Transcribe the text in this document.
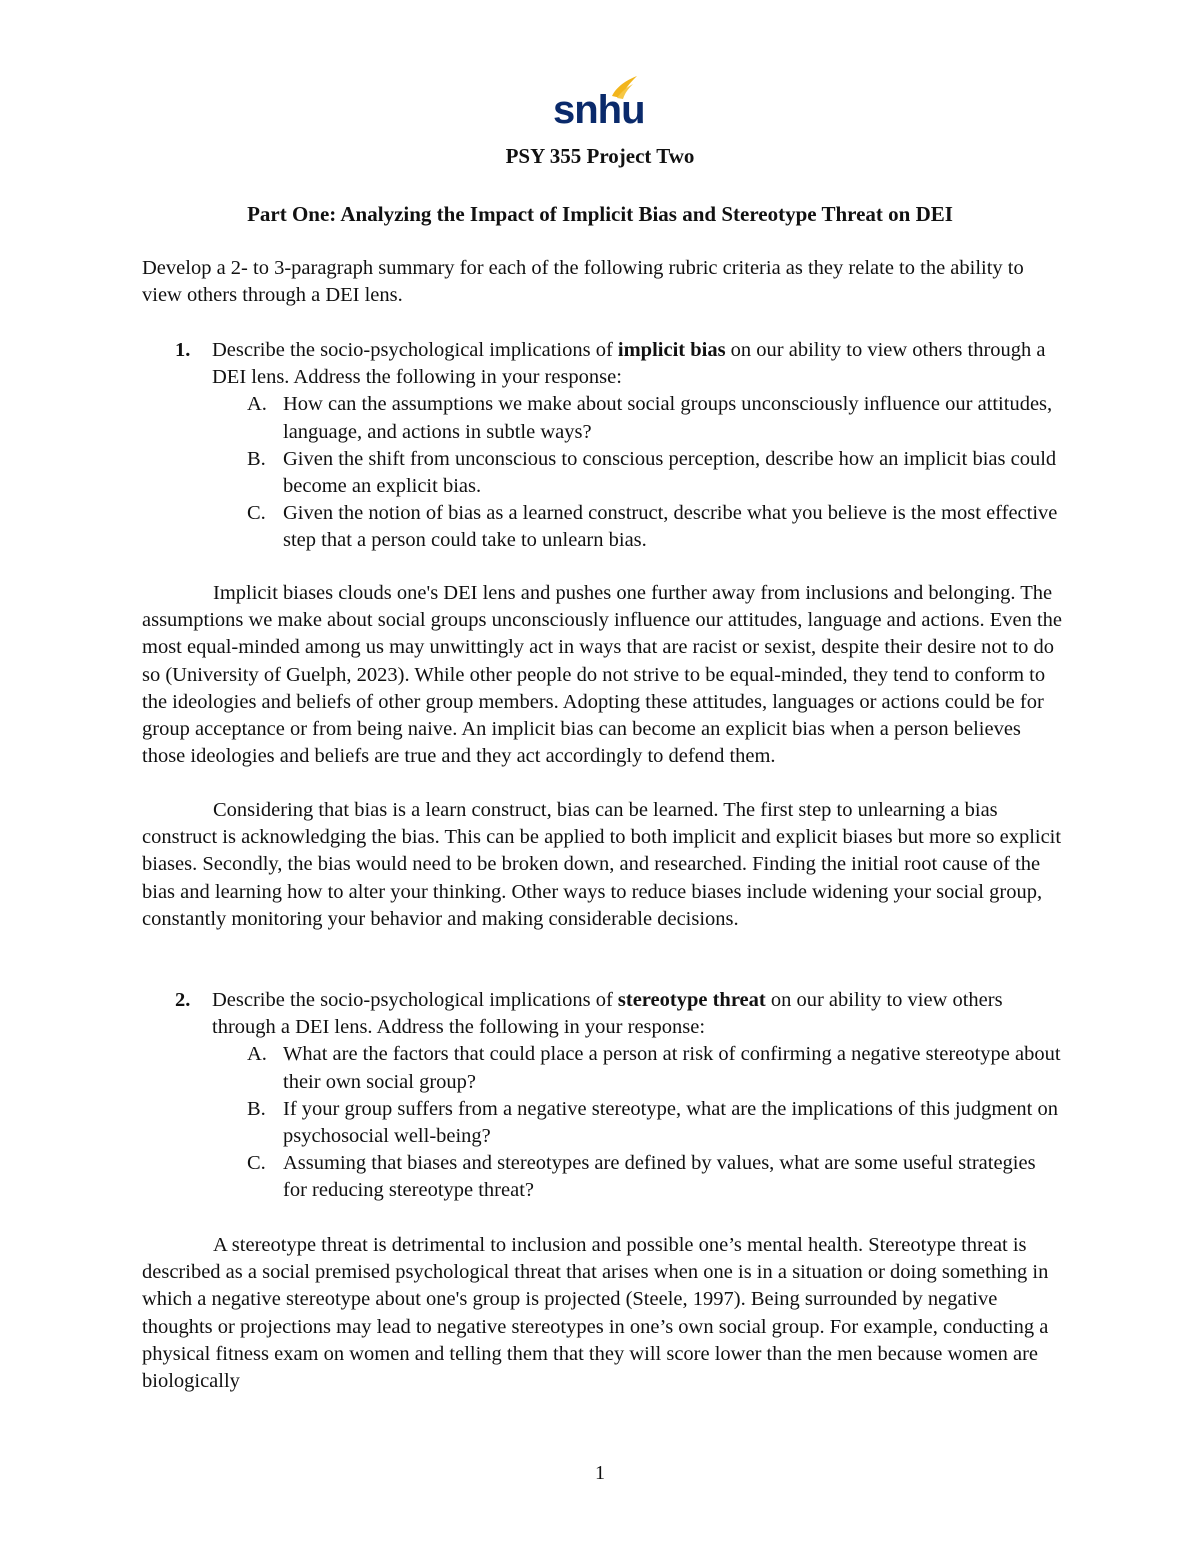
snhu
PSY 355 Project Two
Part One: Analyzing the Impact of Implicit Bias and Stereotype Threat on DEI

Develop a 2- to 3-paragraph summary for each of the following rubric criteria as they relate to the ability to view others through a DEI lens.

1. Describe the socio-psychological implications of implicit bias on our ability to view others through a DEI lens. Address the following in your response:
A. How can the assumptions we make about social groups unconsciously influence our attitudes, language, and actions in subtle ways?
B. Given the shift from unconscious to conscious perception, describe how an implicit bias could become an explicit bias.
C. Given the notion of bias as a learned construct, describe what you believe is the most effective step that a person could take to unlearn bias.

Implicit biases clouds one's DEI lens and pushes one further away from inclusions and belonging. The assumptions we make about social groups unconsciously influence our attitudes, language and actions. Even the most equal-minded among us may unwittingly act in ways that are racist or sexist, despite their desire not to do so (University of Guelph, 2023). While other people do not strive to be equal-minded, they tend to conform to the ideologies and beliefs of other group members. Adopting these attitudes, languages or actions could be for group acceptance or from being naive. An implicit bias can become an explicit bias when a person believes those ideologies and beliefs are true and they act accordingly to defend them.

Considering that bias is a learn construct, bias can be learned. The first step to unlearning a bias construct is acknowledging the bias. This can be applied to both implicit and explicit biases but more so explicit biases. Secondly, the bias would need to be broken down, and researched. Finding the initial root cause of the bias and learning how to alter your thinking. Other ways to reduce biases include widening your social group, constantly monitoring your behavior and making considerable decisions.

2. Describe the socio-psychological implications of stereotype threat on our ability to view others through a DEI lens. Address the following in your response:
A. What are the factors that could place a person at risk of confirming a negative stereotype about their own social group?
B. If your group suffers from a negative stereotype, what are the implications of this judgment on psychosocial well-being?
C. Assuming that biases and stereotypes are defined by values, what are some useful strategies for reducing stereotype threat?

A stereotype threat is detrimental to inclusion and possible one’s mental health. Stereotype threat is described as a social premised psychological threat that arises when one is in a situation or doing something in which a negative stereotype about one's group is projected (Steele, 1997). Being surrounded by negative thoughts or projections may lead to negative stereotypes in one’s own social group. For example, conducting a physical fitness exam on women and telling them that they will score lower than the men because women are biologically

1
